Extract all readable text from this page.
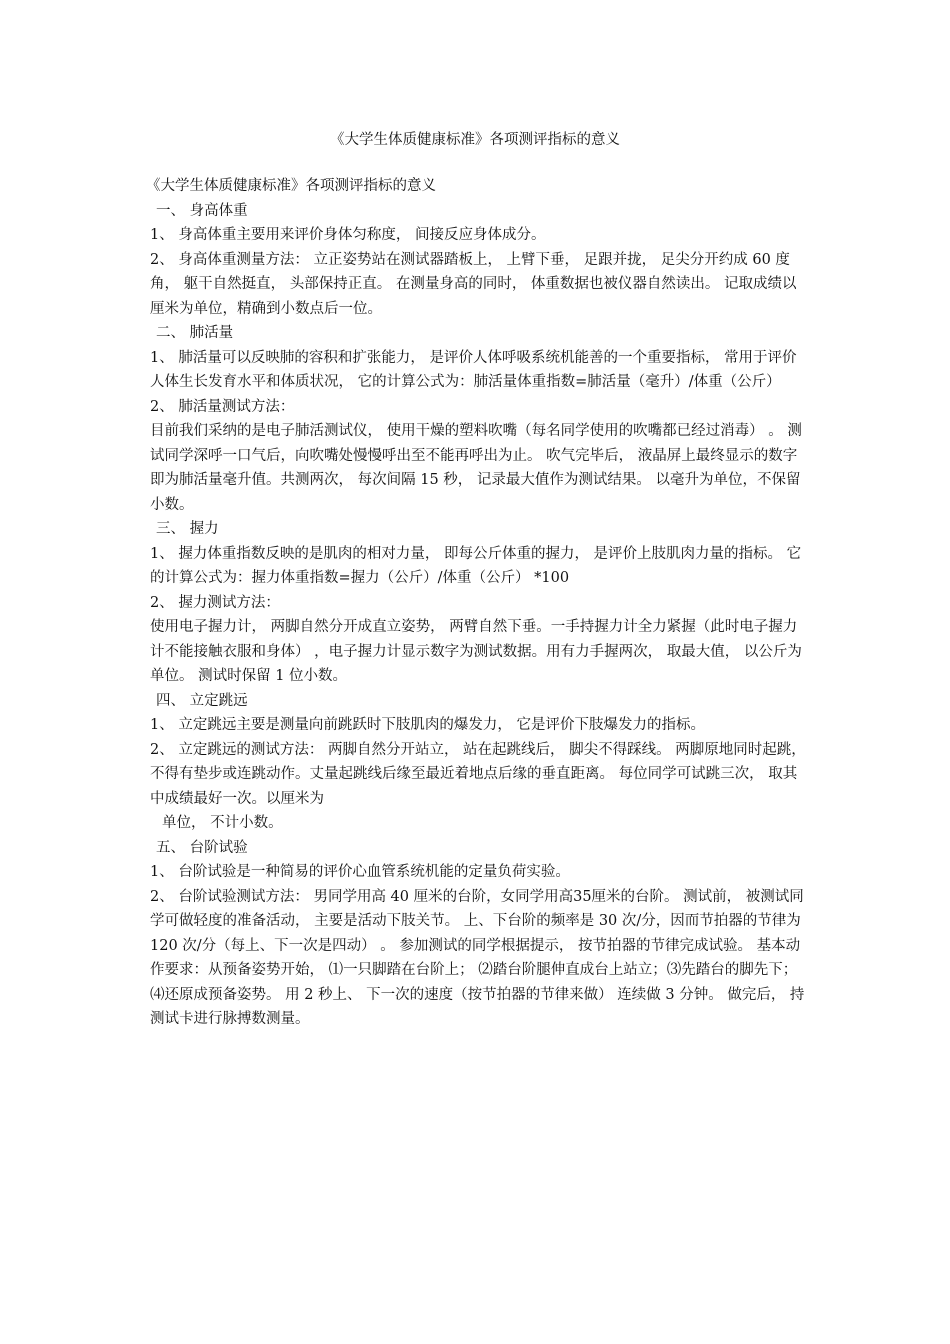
《大学生体质健康标准》各项测评指标的意义

《大学生体质健康标准》各项测评指标的意义

一、 身高体重

1、 身高体重主要用来评价身体匀称度， 间接反应身体成分。

2、 身高体重测量方法： 立正姿势站在测试器踏板上， 上臂下垂， 足跟并拢， 足尖分开约成 60 度角， 躯干自然挺直， 头部保持正直。 在测量身高的同时， 体重数据也被仪器自然读出。 记取成绩以厘米为单位，精确到小数点后一位。

二、 肺活量

1、 肺活量可以反映肺的容积和扩张能力， 是评价人体呼吸系统机能善的一个重要指标， 常用于评价人体生长发育水平和体质状况， 它的计算公式为：肺活量体重指数=肺活量（毫升）/体重（公斤）

2、 肺活量测试方法：

目前我们采纳的是电子肺活测试仪， 使用干燥的塑料吹嘴（每名同学使用的吹嘴都已经过消毒） 。 测试同学深呼一口气后，向吹嘴处慢慢呼出至不能再呼出为止。 吹气完毕后， 液晶屏上最终显示的数字即为肺活量毫升值。共测两次， 每次间隔 15 秒， 记录最大值作为测试结果。 以毫升为单位，不保留小数。

三、 握力

1、 握力体重指数反映的是肌肉的相对力量， 即每公斤体重的握力， 是评价上肢肌肉力量的指标。 它的计算公式为：握力体重指数=握力（公斤）/体重（公斤） *100

2、 握力测试方法：

使用电子握力计， 两脚自然分开成直立姿势， 两臂自然下垂。一手持握力计全力紧握（此时电子握力计不能接触衣服和身体） ，电子握力计显示数字为测试数据。用有力手握两次， 取最大值， 以公斤为单位。 测试时保留 1 位小数。

四、 立定跳远

1、 立定跳远主要是测量向前跳跃时下肢肌肉的爆发力， 它是评价下肢爆发力的指标。

2、 立定跳远的测试方法： 两脚自然分开站立， 站在起跳线后， 脚尖不得踩线。 两脚原地同时起跳， 不得有垫步或连跳动作。丈量起跳线后缘至最近着地点后缘的垂直距离。 每位同学可试跳三次， 取其中成绩最好一次。以厘米为

单位， 不计小数。

五、 台阶试验

1、 台阶试验是一种简易的评价心血管系统机能的定量负荷实验。

2、 台阶试验测试方法： 男同学用高 40 厘米的台阶，女同学用高35厘米的台阶。 测试前， 被测试同学可做轻度的准备活动， 主要是活动下肢关节。 上、下台阶的频率是 30 次/分，因而节拍器的节律为 120 次/分（每上、下一次是四动） 。 参加测试的同学根据提示， 按节拍器的节律完成试验。 基本动作要求：从预备姿势开始， ⑴一只脚踏在台阶上； ⑵踏台阶腿伸直成台上站立；⑶先踏台的脚先下； ⑷还原成预备姿势。 用 2 秒上、 下一次的速度（按节拍器的节律来做） 连续做 3 分钟。 做完后， 持测试卡进行脉搏数测量。
